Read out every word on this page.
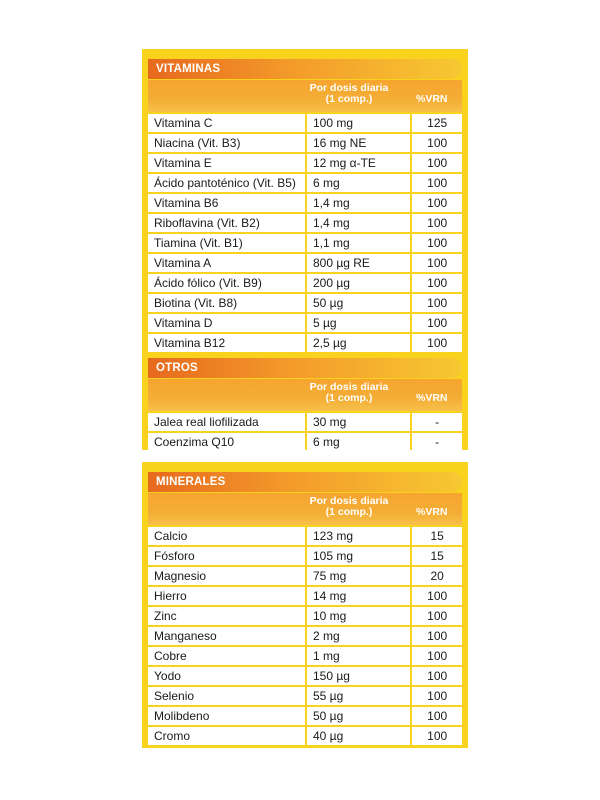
VITAMINAS
Por dosis diaria
(1 comp.)	%VRN
Vitamina C	100 mg	125
Niacina (Vit. B3)	16 mg NE	100
Vitamina E	12 mg α-TE	100
Ácido pantoténico (Vit. B5)	6 mg	100
Vitamina B6	1,4 mg	100
Riboflavina (Vit. B2)	1,4 mg	100
Tiamina (Vit. B1)	1,1 mg	100
Vitamina A	800 µg RE	100
Ácido fólico (Vit. B9)	200 µg	100
Biotina (Vit. B8)	50 µg	100
Vitamina D	5 µg	100
Vitamina B12	2,5 µg	100
OTROS
Por dosis diaria
(1 comp.)	%VRN
Jalea real liofilizada	30 mg	-
Coenzima Q10	6 mg	-
MINERALES
Por dosis diaria
(1 comp.)	%VRN
Calcio	123 mg	15
Fósforo	105 mg	15
Magnesio	75 mg	20
Hierro	14 mg	100
Zinc	10 mg	100
Manganeso	2 mg	100
Cobre	1 mg	100
Yodo	150 µg	100
Selenio	55 µg	100
Molibdeno	50 µg	100
Cromo	40 µg	100
